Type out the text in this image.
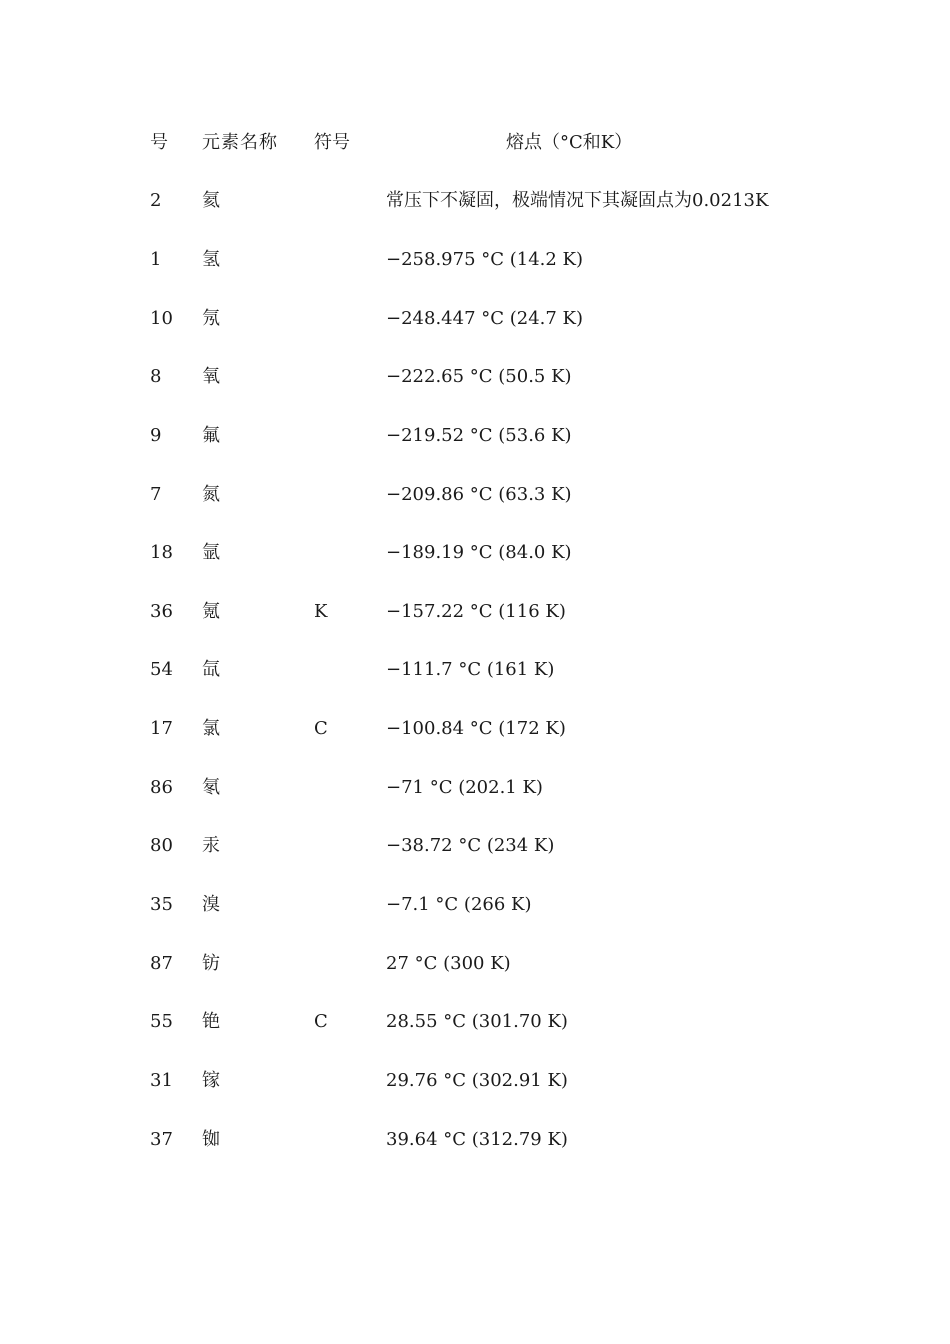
号 元素名称 符号	熔点（°C和K）
2 氦	常压下不凝固，极端情况下其凝固点为0.0213K
1 氢	−258.975 °C (14.2 K)
10 氖	−248.447 °C (24.7 K)
8 氧	−222.65 °C (50.5 K)
9 氟	−219.52 °C (53.6 K)
7 氮	−209.86 °C (63.3 K)
18 氩	−189.19 °C (84.0 K)
36 氪	K	−157.22 °C (116 K)
54 氙	−111.7 °C (161 K)
17 氯	C	−100.84 °C (172 K)
86 氡	−71 °C (202.1 K)
80 汞	−38.72 °C (234 K)
35 溴	−7.1 °C (266 K)
87 钫	27 °C (300 K)
55 铯	C	28.55 °C (301.70 K)
31 镓	29.76 °C (302.91 K)
37 铷	39.64 °C (312.79 K)
